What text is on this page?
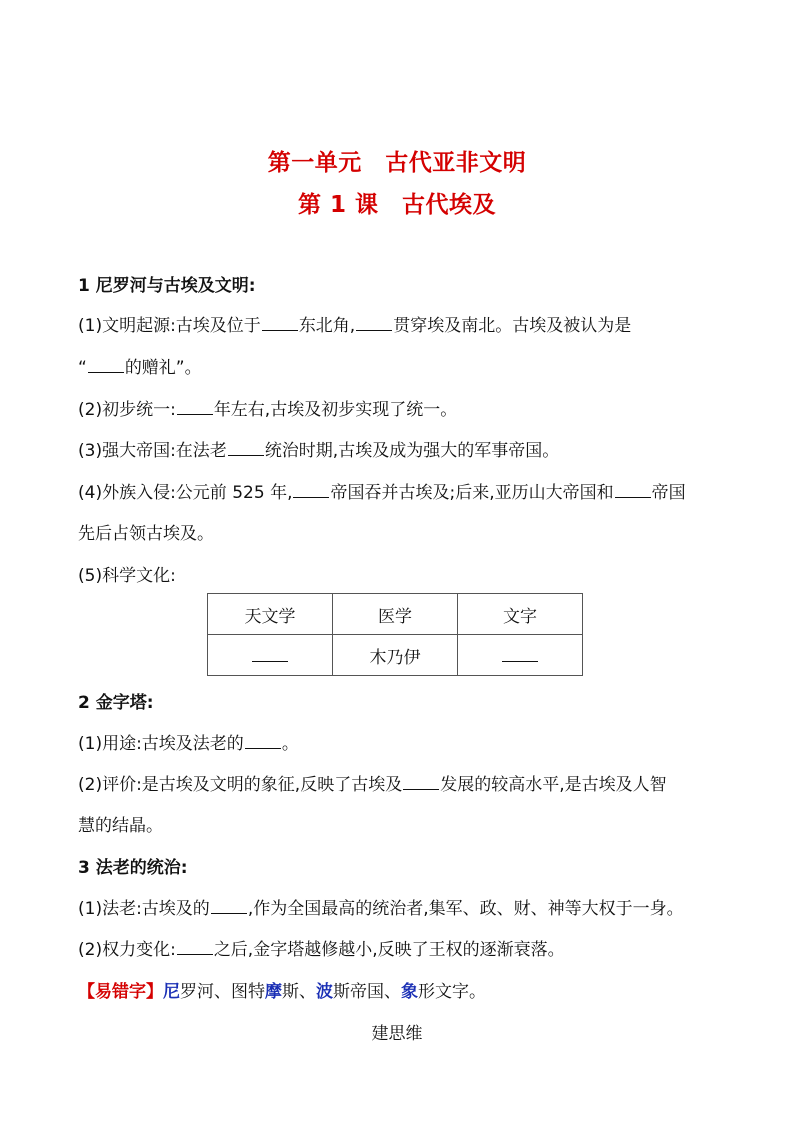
第一单元　古代亚非文明
第 1 课　古代埃及
1 尼罗河与古埃及文明:
(1)文明起源:古埃及位于 东北角, 贯穿埃及南北。古埃及被认为是
“ 的赠礼”。
(2)初步统一: 年左右,古埃及初步实现了统一。
(3)强大帝国:在法老 统治时期,古埃及成为强大的军事帝国。
(4)外族入侵:公元前 525 年, 帝国吞并古埃及;后来,亚历山大帝国和 帝国
先后占领古埃及。
(5)科学文化:
天文学	医学	文字
	木乃伊	
2 金字塔:
(1)用途:古埃及法老的 。
(2)评价:是古埃及文明的象征,反映了古埃及 发展的较高水平,是古埃及人智
慧的结晶。
3 法老的统治:
(1)法老:古埃及的 ,作为全国最高的统治者,集军、政、财、神等大权于一身。
(2)权力变化: 之后,金字塔越修越小,反映了王权的逐渐衰落。
【易错字】尼罗河、图特摩斯、波斯帝国、象形文字。
建思维
